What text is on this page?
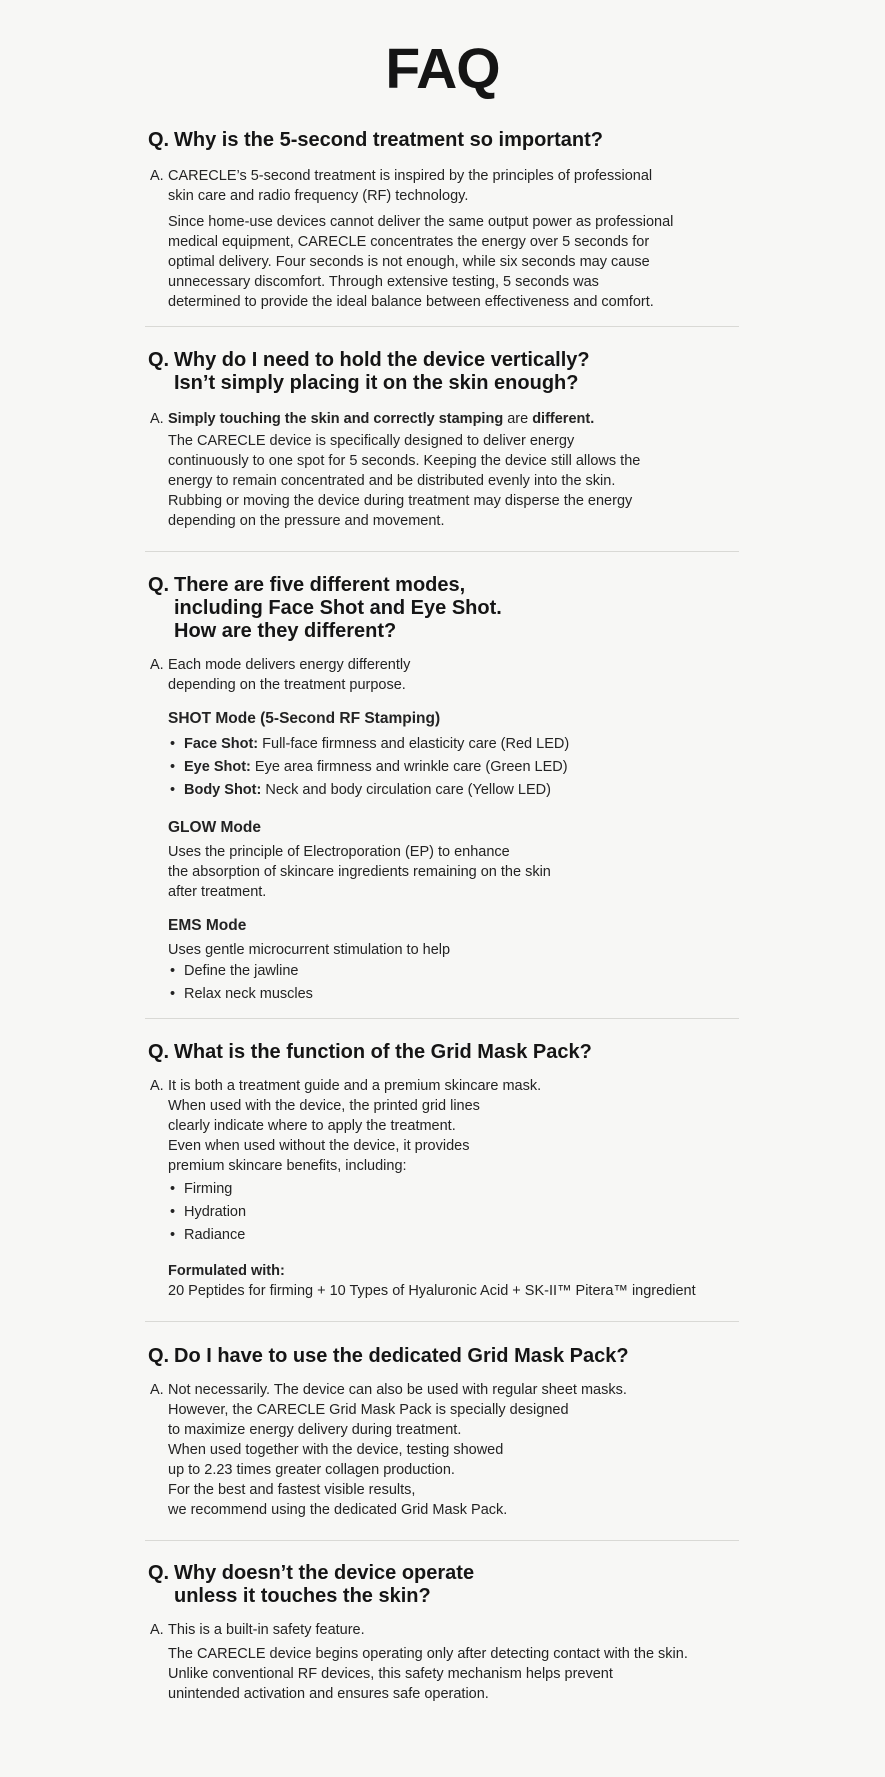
FAQ
Q. Why is the 5-second treatment so important?
A. CARECLE’s 5-second treatment is inspired by the principles of professional
skin care and radio frequency (RF) technology.

Since home-use devices cannot deliver the same output power as professional
medical equipment, CARECLE concentrates the energy over 5 seconds for
optimal delivery. Four seconds is not enough, while six seconds may cause
unnecessary discomfort. Through extensive testing, 5 seconds was
determined to provide the ideal balance between effectiveness and comfort.

Q. Why do I need to hold the device vertically?
Isn’t simply placing it on the skin enough?
A. Simply touching the skin and correctly stamping are different.

The CARECLE device is specifically designed to deliver energy
continuously to one spot for 5 seconds. Keeping the device still allows the
energy to remain concentrated and be distributed evenly into the skin.
Rubbing or moving the device during treatment may disperse the energy
depending on the pressure and movement.

Q. There are five different modes,
including Face Shot and Eye Shot.
How are they different?
A. Each mode delivers energy differently
depending on the treatment purpose.

SHOT Mode (5-Second RF Stamping)
• Face Shot: Full-face firmness and elasticity care (Red LED)
• Eye Shot: Eye area firmness and wrinkle care (Green LED)
• Body Shot: Neck and body circulation care (Yellow LED)
GLOW Mode

Uses the principle of Electroporation (EP) to enhance
the absorption of skincare ingredients remaining on the skin
after treatment.

EMS Mode

Uses gentle microcurrent stimulation to help

• Define the jawline
• Relax neck muscles
Q. What is the function of the Grid Mask Pack?
A. It is both a treatment guide and a premium skincare mask.
When used with the device, the printed grid lines
clearly indicate where to apply the treatment.
Even when used without the device, it provides
premium skincare benefits, including:

• Firming
• Hydration
• Radiance
Formulated with:

20 Peptides for firming + 10 Types of Hyaluronic Acid + SK-II™ Pitera™ ingredient

Q. Do I have to use the dedicated Grid Mask Pack?
A. Not necessarily. The device can also be used with regular sheet masks.
However, the CARECLE Grid Mask Pack is specially designed
to maximize energy delivery during treatment.
When used together with the device, testing showed
up to 2.23 times greater collagen production.
For the best and fastest visible results,
we recommend using the dedicated Grid Mask Pack.

Q. Why doesn’t the device operate
unless it touches the skin?
A. This is a built-in safety feature.

The CARECLE device begins operating only after detecting contact with the skin.
Unlike conventional RF devices, this safety mechanism helps prevent
unintended activation and ensures safe operation.
